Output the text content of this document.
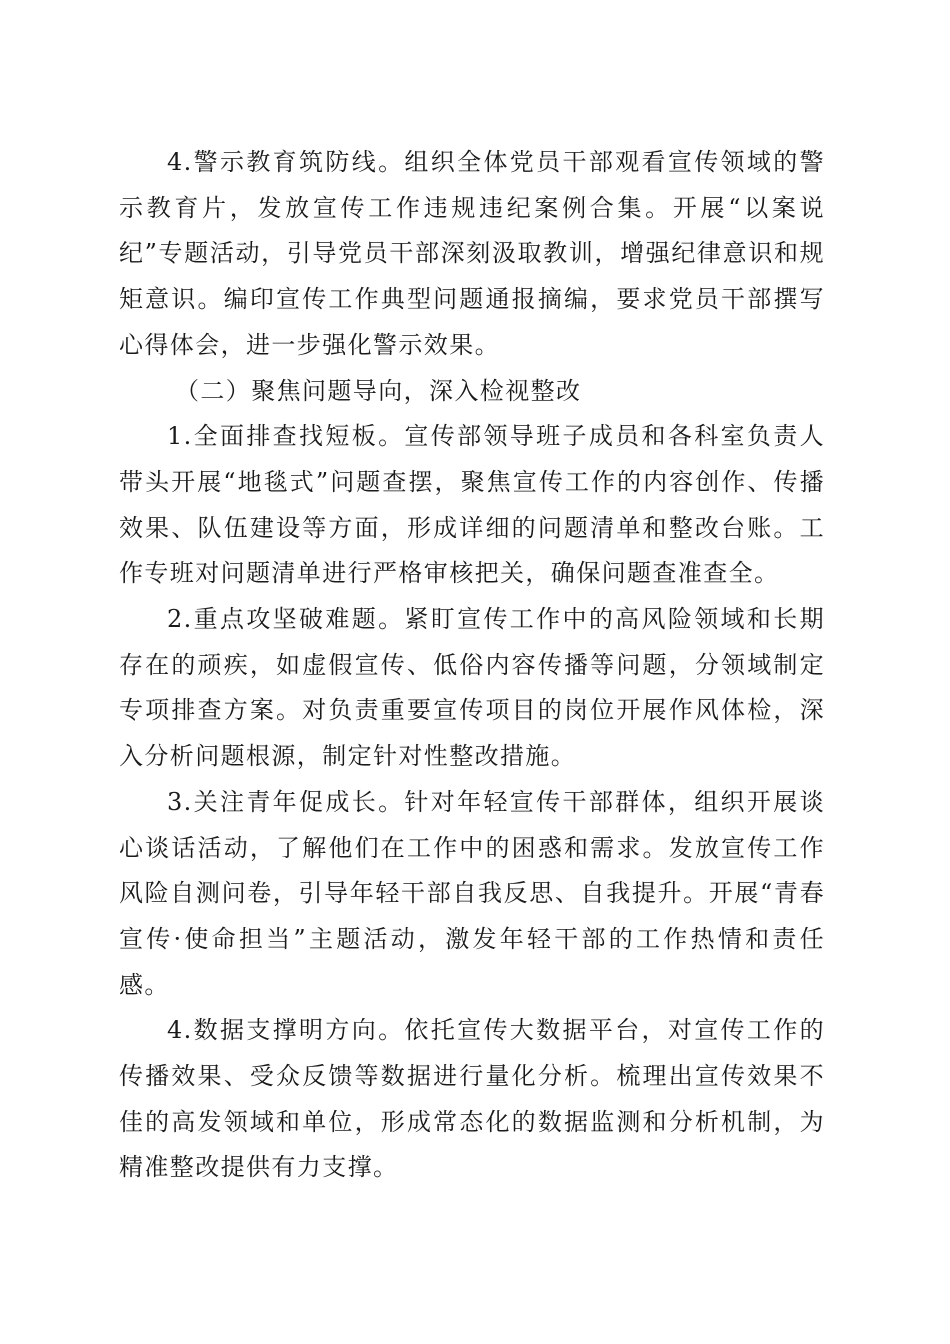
4.警示教育筑防线。组织全体党员干部观看宣传领域的警示教育片，发放宣传工作违规违纪案例合集。开展“以案说纪”专题活动，引导党员干部深刻汲取教训，增强纪律意识和规矩意识。编印宣传工作典型问题通报摘编，要求党员干部撰写心得体会，进一步强化警示效果。

（二）聚焦问题导向，深入检视整改

1.全面排查找短板。宣传部领导班子成员和各科室负责人带头开展“地毯式”问题查摆，聚焦宣传工作的内容创作、传播效果、队伍建设等方面，形成详细的问题清单和整改台账。工作专班对问题清单进行严格审核把关，确保问题查准查全。

2.重点攻坚破难题。紧盯宣传工作中的高风险领域和长期存在的顽疾，如虚假宣传、低俗内容传播等问题，分领域制定专项排查方案。对负责重要宣传项目的岗位开展作风体检，深入分析问题根源，制定针对性整改措施。

3.关注青年促成长。针对年轻宣传干部群体，组织开展谈心谈话活动，了解他们在工作中的困惑和需求。发放宣传工作风险自测问卷，引导年轻干部自我反思、自我提升。开展“青春宣传·使命担当”主题活动，激发年轻干部的工作热情和责任感。

4.数据支撑明方向。依托宣传大数据平台，对宣传工作的传播效果、受众反馈等数据进行量化分析。梳理出宣传效果不佳的高发领域和单位，形成常态化的数据监测和分析机制，为精准整改提供有力支撑。
